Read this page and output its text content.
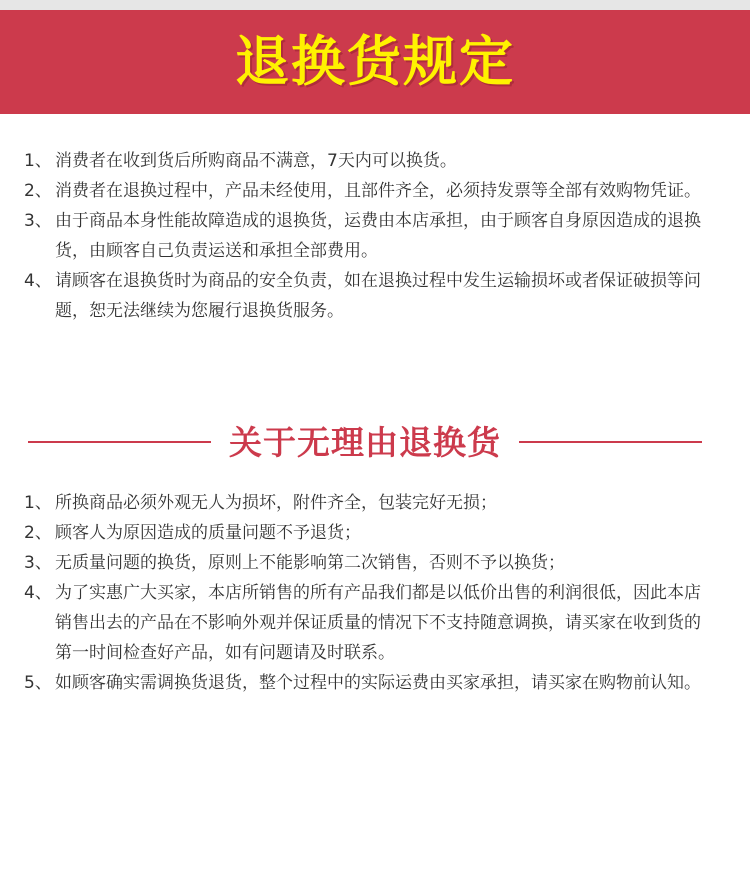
退换货规定
1、 消费者在收到货后所购商品不满意，7天内可以换货。
2、 消费者在退换过程中，产品未经使用，且部件齐全，必须持发票等全部有效购物凭证。
3、 由于商品本身性能故障造成的退换货，运费由本店承担，由于顾客自身原因造成的退换货，由顾客自己负责运送和承担全部费用。
4、 请顾客在退换货时为商品的安全负责，如在退换过程中发生运输损坏或者保证破损等问题，恕无法继续为您履行退换货服务。
关于无理由退换货
1、 所换商品必须外观无人为损坏，附件齐全，包装完好无损；
2、 顾客人为原因造成的质量问题不予退货；
3、 无质量问题的换货，原则上不能影响第二次销售，否则不予以换货；
4、 为了实惠广大买家，本店所销售的所有产品我们都是以低价出售的利润很低，因此本店销售出去的产品在不影响外观并保证质量的情况下不支持随意调换，请买家在收到货的第一时间检查好产品，如有问题请及时联系。
5、 如顾客确实需调换货退货，整个过程中的实际运费由买家承担，请买家在购物前认知。
